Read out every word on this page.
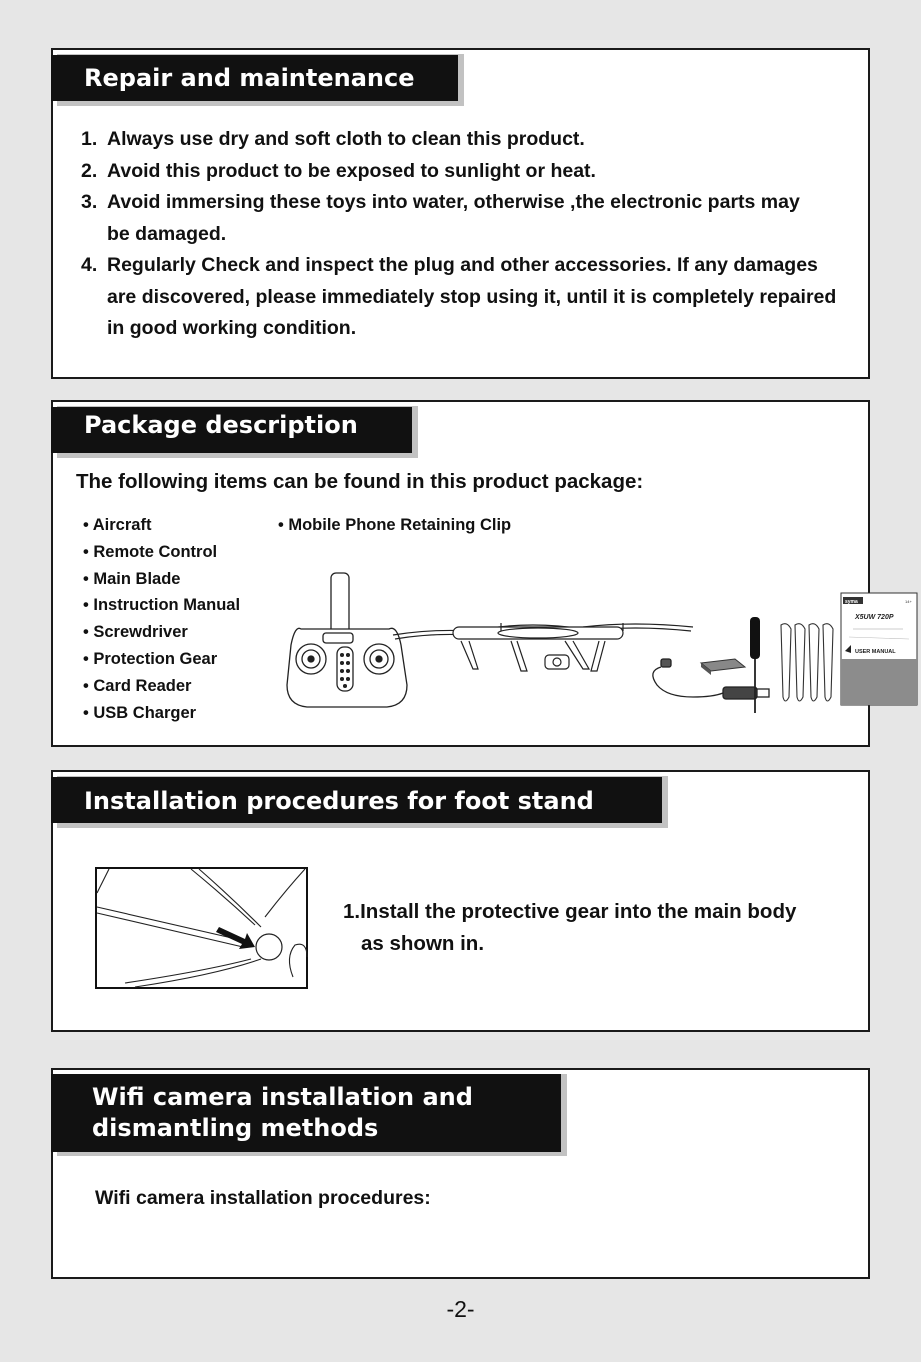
Repair and maintenance
1. Always use dry and soft cloth to clean this product.
2. Avoid this product to be exposed to sunlight or heat.
3. Avoid immersing these toys into water, otherwise ,the electronic parts may be damaged.
4. Regularly Check and inspect the plug and other accessories. If any damages are discovered, please immediately stop using it, until it is completely repaired in good working condition.
Package description
The following items can be found in this product package:
• Aircraft
• Remote Control
• Main Blade
• Instruction Manual
• Screwdriver
• Protection Gear
• Card Reader
• USB Charger
• Mobile Phone Retaining Clip
syma	14+
X5UW 720P
USER MANUAL
Installation procedures for foot stand
1.Install the protective gear into the main body
as shown in.
Wifi camera installation and
dismantling methods
Wifi camera installation procedures:
-2-
